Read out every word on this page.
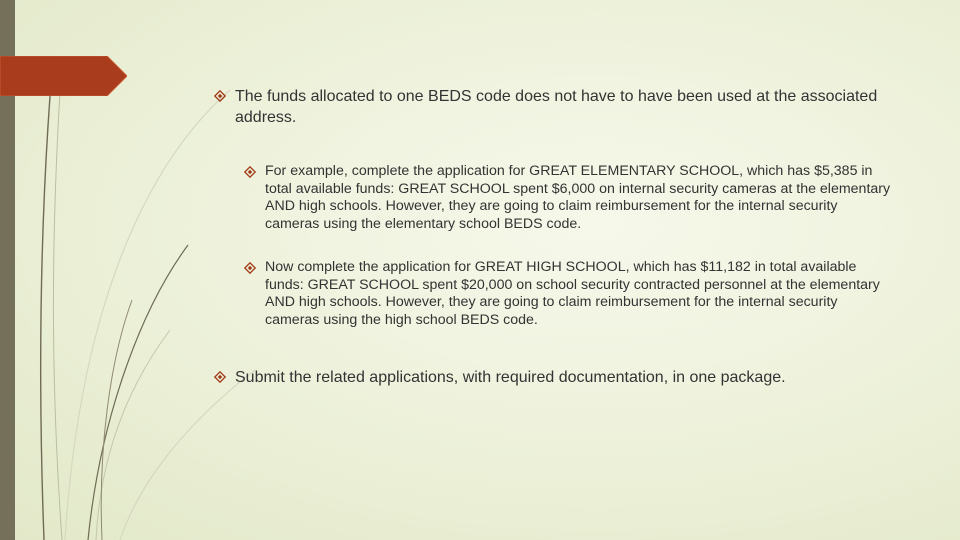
The funds allocated to one BEDS code does not have to have been used at the associated address.
For example, complete the application for GREAT ELEMENTARY SCHOOL, which has $5,385 in total available funds: GREAT SCHOOL spent $6,000 on internal security cameras at the elementary AND high schools. However, they are going to claim reimbursement for the internal security cameras using the elementary school BEDS code.
Now complete the application for GREAT HIGH SCHOOL, which has $11,182 in total available funds: GREAT SCHOOL spent $20,000 on school security contracted personnel at the elementary AND high schools. However, they are going to claim reimbursement for the internal security cameras using the high school BEDS code.
Submit the related applications, with required documentation, in one package.
